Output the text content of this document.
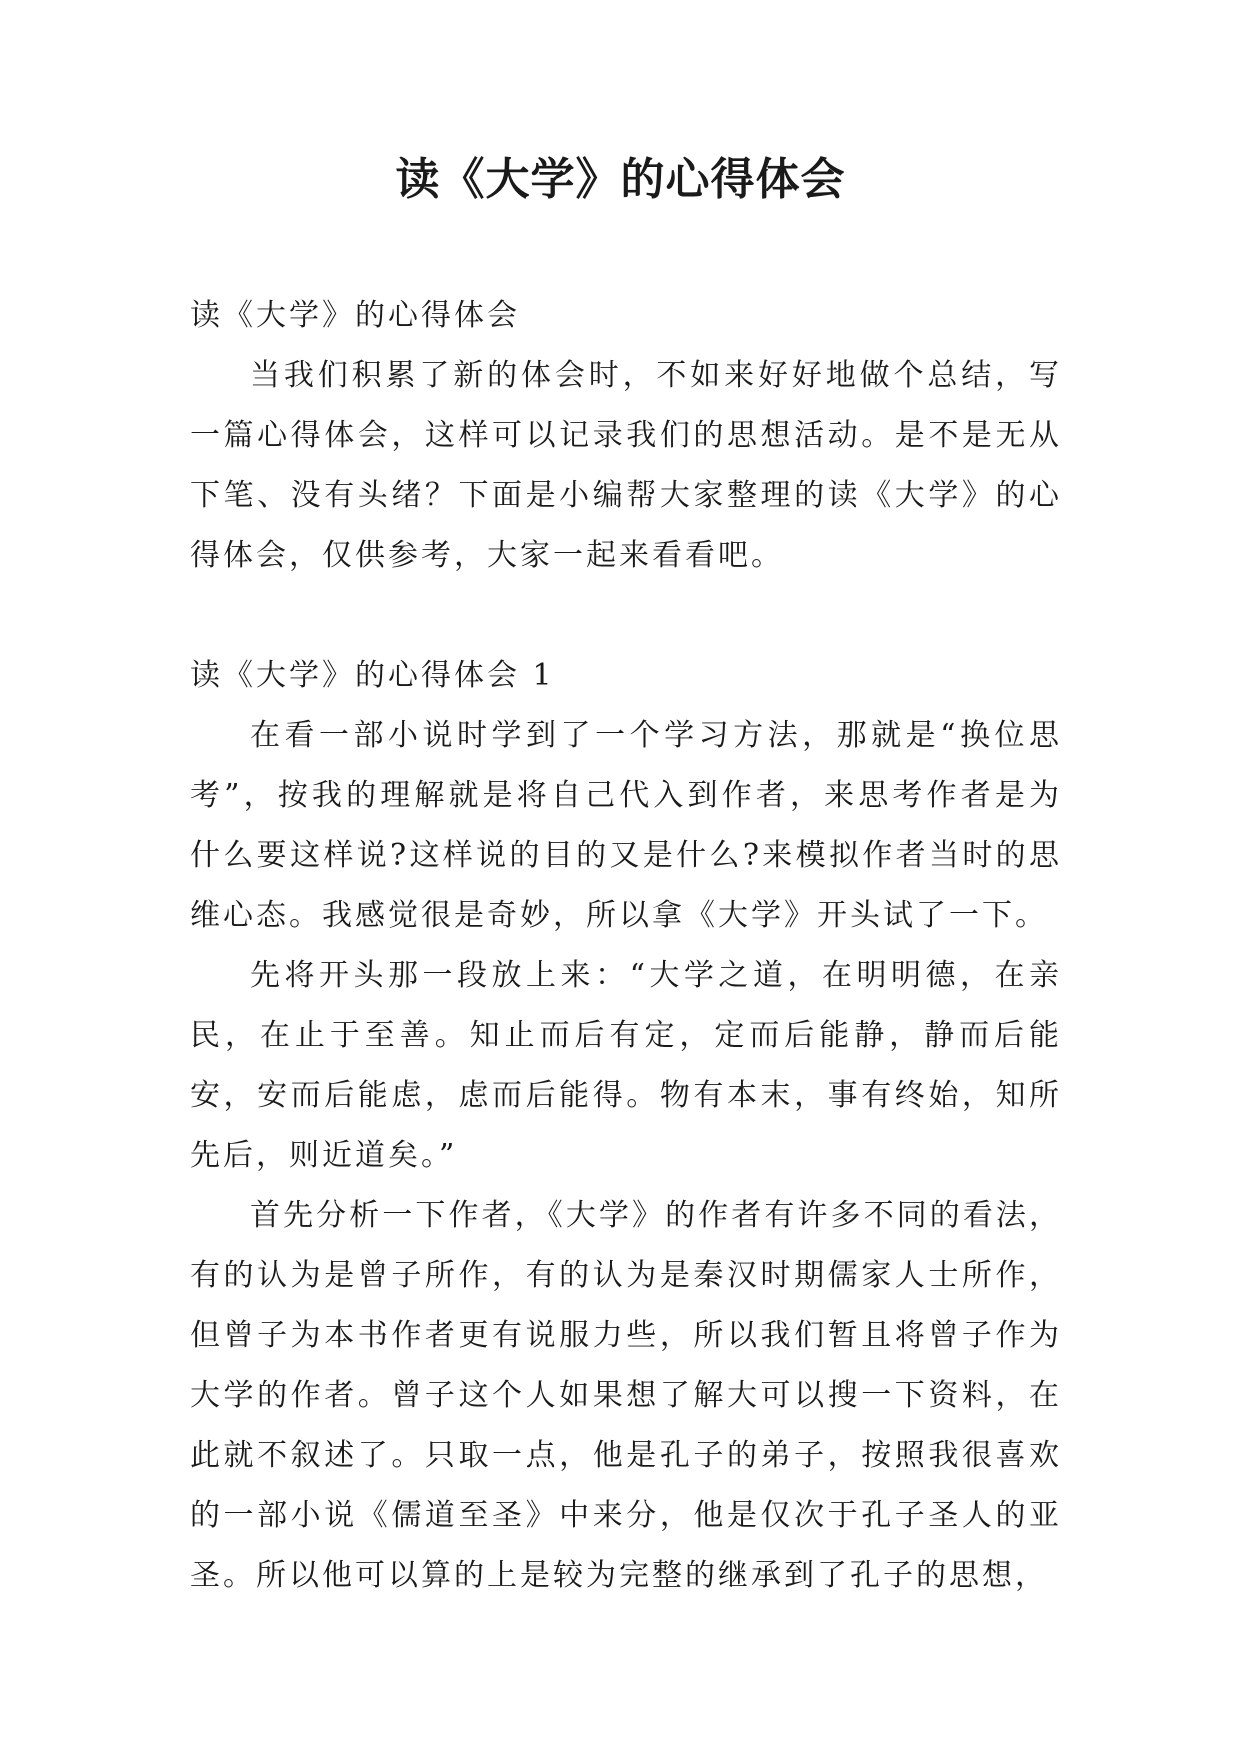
读《大学》的心得体会

读《大学》的心得体会

当我们积累了新的体会时，不如来好好地做个总结，写一篇心得体会，这样可以记录我们的思想活动。是不是无从下笔、没有头绪？下面是小编帮大家整理的读《大学》的心得体会，仅供参考，大家一起来看看吧。

读《大学》的心得体会 1

在看一部小说时学到了一个学习方法，那就是“换位思考”，按我的理解就是将自己代入到作者，来思考作者是为什么要这样说?这样说的目的又是什么?来模拟作者当时的思维心态。我感觉很是奇妙，所以拿《大学》开头试了一下。

先将开头那一段放上来：“大学之道，在明明德，在亲民，在止于至善。知止而后有定，定而后能静，静而后能安，安而后能虑，虑而后能得。物有本末，事有终始，知所先后，则近道矣。”

首先分析一下作者，《大学》的作者有许多不同的看法，有的认为是曾子所作，有的认为是秦汉时期儒家人士所作，但曾子为本书作者更有说服力些，所以我们暂且将曾子作为大学的作者。曾子这个人如果想了解大可以搜一下资料，在此就不叙述了。只取一点，他是孔子的弟子，按照我很喜欢的一部小说《儒道至圣》中来分，他是仅次于孔子圣人的亚圣。所以他可以算的上是较为完整的继承到了孔子的思想，
